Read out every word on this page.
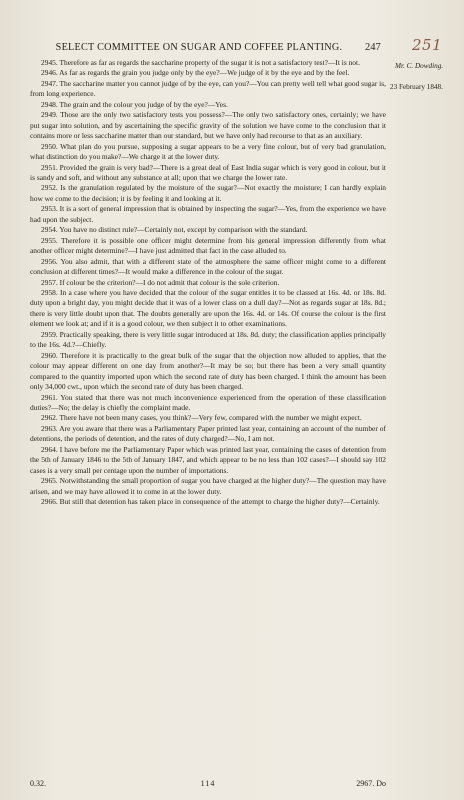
SELECT COMMITTEE ON SUGAR AND COFFEE PLANTING.	247 251
Mr. C. Dowding.
23 February 1848.

2945. Therefore as far as regards the saccharine property of the sugar it is not a satisfactory test?—It is not.

2946. As far as regards the grain you judge only by the eye?—We judge of it by the eye and by the feel.

2947. The saccharine matter you cannot judge of by the eye, can you?—You can pretty well tell what good sugar is, from long experience.

2948. The grain and the colour you judge of by the eye?—Yes.

2949. Those are the only two satisfactory tests you possess?—The only two satisfactory ones, certainly; we have put sugar into solution, and by ascertaining the specific gravity of the solution we have come to the conclusion that it contains more or less saccharine matter than our standard, but we have only had recourse to that as an auxiliary.

2950. What plan do you pursue, supposing a sugar appears to be a very fine colour, but of very bad granulation, what distinction do you make?—We charge it at the lower duty.

2951. Provided the grain is very bad?—There is a great deal of East India sugar which is very good in colour, but it is sandy and soft, and without any substance at all; upon that we charge the lower rate.

2952. Is the granulation regulated by the moisture of the sugar?—Not exactly the moisture; I can hardly explain how we come to the decision; it is by feeling it and looking at it.

2953. It is a sort of general impression that is obtained by inspecting the sugar?—Yes, from the experience we have had upon the subject.

2954. You have no distinct rule?—Certainly not, except by comparison with the standard.

2955. Therefore it is possible one officer might determine from his general impression differently from what another officer might determine?—I have just admitted that fact in the case alluded to.

2956. You also admit, that with a different state of the atmosphere the same officer might come to a different conclusion at different times?—It would make a difference in the colour of the sugar.

2957. If colour be the criterion?—I do not admit that colour is the sole criterion.

2958. In a case where you have decided that the colour of the sugar entitles it to be classed at 16s. 4d. or 18s. 8d. duty upon a bright day, you might decide that it was of a lower class on a dull day?—Not as regards sugar at 18s. 8d.; there is very little doubt upon that. The doubts generally are upon the 16s. 4d. or 14s. Of course the colour is the first element we look at; and if it is a good colour, we then subject it to other examinations.

2959. Practically speaking, there is very little sugar introduced at 18s. 8d. duty; the classification applies principally to the 16s. 4d.?—Chiefly.

2960. Therefore it is practically to the great bulk of the sugar that the objection now alluded to applies, that the colour may appear different on one day from another?—It may be so; but there has been a very small quantity compared to the quantity imported upon which the second rate of duty has been charged. I think the amount has been only 34,000 cwt., upon which the second rate of duty has been charged.

2961. You stated that there was not much inconvenience experienced from the operation of these classification duties?—No; the delay is chiefly the complaint made.

2962. There have not been many cases, you think?—Very few, compared with the number we might expect.

2963. Are you aware that there was a Parliamentary Paper printed last year, containing an account of the number of detentions, the periods of detention, and the rates of duty charged?—No, I am not.

2964. I have before me the Parliamentary Paper which was printed last year, containing the cases of detention from the 5th of January 1846 to the 5th of January 1847, and which appear to be no less than 102 cases?—I should say 102 cases is a very small per centage upon the number of importations.

2965. Notwithstanding the small proportion of sugar you have charged at the higher duty?—The question may have arisen, and we may have allowed it to come in at the lower duty.

2966. But still that detention has taken place in consequence of the attempt to charge the higher duty?—Certainly.

0.32.	114	2967. Do
